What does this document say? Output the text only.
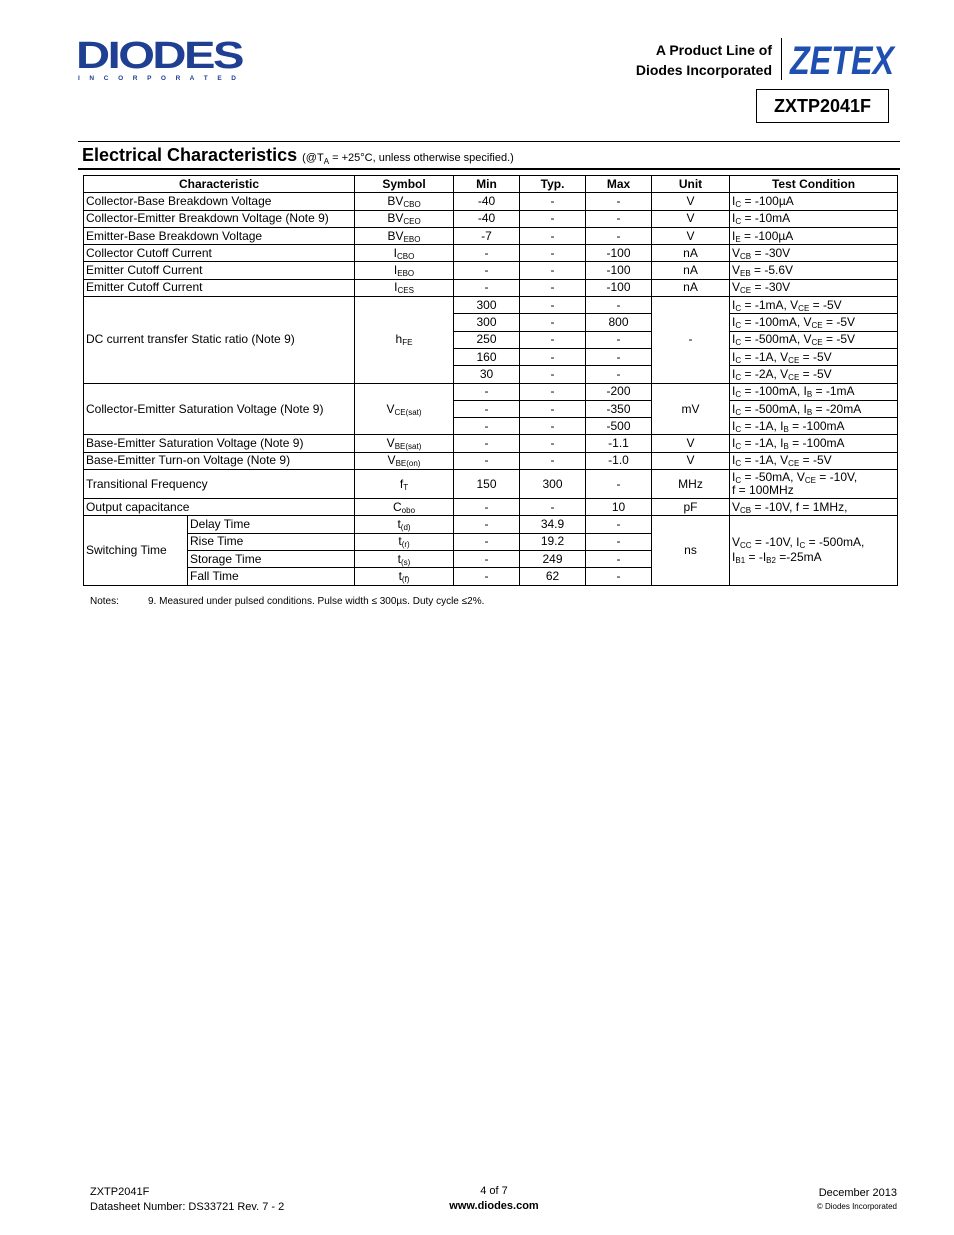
DIODES
I N C O R P O R A T E D
A Product Line of
Diodes Incorporated ZETEX
ZXTP2041F
Electrical Characteristics ($@T_A = +25^\circ C$, unless otherwise specified.)
Characteristic		Symbol	Min	Typ.	Max	Unit	Test Condition
Collector-Base Breakdown Voltage		$BV_{CBO}$	-40	-	-	V	$I_C = -100\mu A$
Collector-Emitter Breakdown Voltage (Note 9)		$BV_{CEO}$	-40	-	-	V	$I_C = -10mA$
Emitter-Base Breakdown Voltage		$BV_{EBO}$	-7	-	-	V	$I_E = -100\mu A$
Collector Cutoff Current		$I_{CBO}$	-	-	-100	nA	$V_{CB} = -30V$
Emitter Cutoff Current		$I_{EBO}$	-	-	-100	nA	$V_{EB} = -5.6V$
Emitter Cutoff Current		$I_{CES}$	-	-	-100	nA	$V_{CE} = -30V$
DC current transfer Static ratio (Note 9)		$h_{FE}$	300	-	-	-	$I_C = -1mA$, $V_{CE} = -5V$
			300	-	800		$I_C = -100mA$, $V_{CE} = -5V$
			250	-	-		$I_C = -500mA$, $V_{CE} = -5V$
			160	-	-		$I_C = -1A$, $V_{CE} = -5V$
			30	-	-		$I_C = -2A$, $V_{CE} = -5V$
Collector-Emitter Saturation Voltage (Note 9)		$V_{CE(sat)}$	-	-	-200	mV	$I_C = -100mA$, $I_B = -1mA$
			-	-	-350		$I_C = -500mA$, $I_B = -20mA$
			-	-	-500		$I_C = -1A$, $I_B = -100mA$
Base-Emitter Saturation Voltage (Note 9)		$V_{BE(sat)}$	-	-	-1.1	V	$I_C = -1A$, $I_B = -100mA$
Base-Emitter Turn-on Voltage (Note 9)		$V_{BE(on)}$	-	-	-1.0	V	$I_C = -1A$, $V_{CE} = -5V$
Transitional Frequency		$f_T$	150	300	-	MHz	$I_C = -50mA$, $V_{CE} = -10V$,
f = 100MHz
Output capacitance		$C_{obo}$	-	-	10	pF	$V_{CB} = -10V$, f = 1MHz,
Switching Time	Delay Time	$t_{(d)}$	-	34.9	-	ns	$V_{CC} = -10V$, $I_C = -500mA$,
$I_{B1} = -I_{B2} =-25mA$
	Rise Time	$t_{(r)}$	-	19.2	-		
	Storage Time	$t_{(s)}$	-	249	-		
	Fall Time	$t_{(f)}$	-	62	-		
Notes:	9. Measured under pulsed conditions. Pulse width ≤ 300µs. Duty cycle ≤2%.
ZXTP2041F
Datasheet Number: DS33721 Rev. 7 - 2
4 of 7
www.diodes.com
December 2013
© Diodes Incorporated
